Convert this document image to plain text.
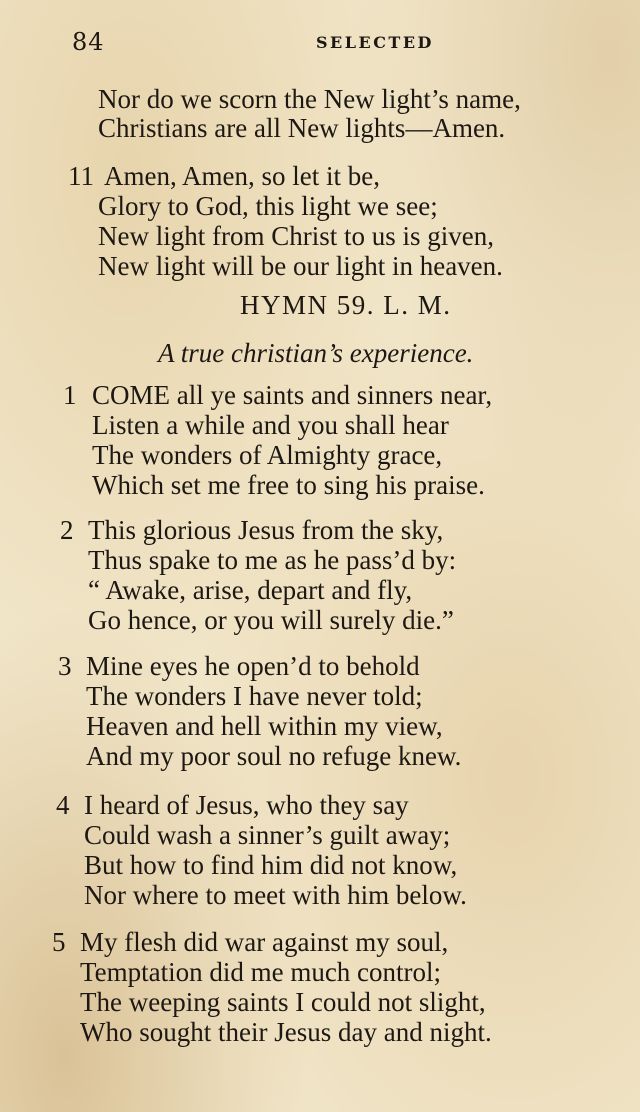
84	SELECTED
Nor do we scorn the New light’s name,
Christians are all New lights—Amen.
11 Amen, Amen, so let it be,
Glory to God, this light we see;
New light from Christ to us is given,
New light will be our light in heaven.
HYMN 59. L. M.
A true christian’s experience.
1 COME all ye saints and sinners near,
Listen a while and you shall hear
The wonders of Almighty grace,
Which set me free to sing his praise.
2 This glorious Jesus from the sky,
Thus spake to me as he pass’d by:
“ Awake, arise, depart and fly,
Go hence, or you will surely die.”
3 Mine eyes he open’d to behold
The wonders I have never told;
Heaven and hell within my view,
And my poor soul no refuge knew.
4 I heard of Jesus, who they say
Could wash a sinner’s guilt away;
But how to find him did not know,
Nor where to meet with him below.
5 My flesh did war against my soul,
Temptation did me much control;
The weeping saints I could not slight,
Who sought their Jesus day and night.
